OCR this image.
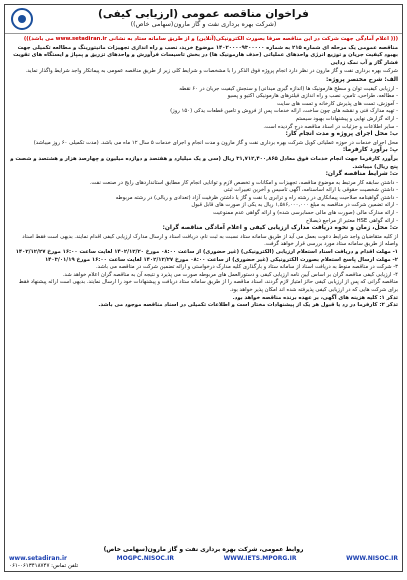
فراخوان مناقصه عمومی (ارزیابی کیفی)
(شرکت بهره برداری نفت و گاز مارون(سهامی خاص))

((( اعلام آمادگی جهت شرکت در این مناقصه صرفا بصورت الکترونیکی(آنلاین) و از طریق سامانه ستاد به نشانی www.setadiran.ir می باشد)))

مناقصه عمومی یک مرحله ای شماره ۲۱۵ به شماره ۱۴۰۲۰۰۰۰۹۳۰۰۰۰۰ موضوع خرید، نصب و راه اندازی تجهیزات مانیتورینگ و مطالعه تکمیلی جهت بهبود کیفیت جریان و توزیع انرژی واحدهای عملیاتی (حذف هارمونیک ها) در بخش تاسیسات فرآورش و واحدهای تزریق و پمپاژ و ایستگاه های تقویت فشار گاز و آب نمک زدایی

شرکت بهره برداری نفت و گاز مارون در نظر دارد انجام پروژه فوق الذکر را با مشخصات و شرایط کلی زیر از طریق مناقصه عمومی به پیمانکار واجد شرایط واگذار نماید.

الف: شرح مختصر پروژه:

- ارزیابی کیفیت توان و سطح هارمونیک ها (اندازه گیری میدانی) و سنجش کیفیت جریان در ۶۰ نقطه

- مطالعه، طراحی، تامین، نصب و راه اندازی فیلترهای هارمونیکی اکتیو و پسیو

- آموزش، تست های پذیرش کارخانه و تست های سایت

- تهیه مدارک فنی و نقشه های چون ساخت، ارائه خدمات پس از فروش و تامین قطعات یدکی (۱۵۰ روز)

- ارائه گزارش نهایی و پیشنهادات بهبود سیستم

- سایر اطلاعات و جزئیات در اسناد مناقصه درج گردیده است.

ب: محل اجرای پروژه و مدت انجام کار:

محل اجرای خدمات در حوزه عملیاتی کویل شرکت بهره برداری نفت و گاز مارون و مدت انجام و اجرای خدمات ۵ سال ۱۲ ماه می باشد. (مدت تکمیلی ۶۰ روز میباشد)

پ: برآورد کارفرما:

برآورد کارفرما جهت انجام خدمات فوق معادل ۳۱,۷۱۲,۴۰۰,۸۶۵ ریال (سی و یک میلیارد و هفتصد و دوازده میلیون و چهارصد هزار و هشتصد و شصت و پنج ریال) میباشد.

ت: شرایط مناقصه گران:

- داشتن سابقه کار مرتبط به موضوع مناقصه، تجهیزات و امکانات و تخصص لازم و توانایی انجام کار مطابق استانداردهای رایج در صنعت نفت.

- داشتن شخصیت حقوقی با ارائه اساسنامه، آگهی تاسیس و آخرین تغییرات ثبتی

- داشتن گواهینامه صلاحیت پیمانکاری در رشته راه و ترابری یا نفت و گاز یا داشتن ظرفیت آزاد (تعدادی و ریالی) در رشته مربوطه

- ارائه تضمین شرکت در مناقصه به مبلغ ۱,۵۸۶,۰۰۰,۰۰۰ ریال به یکی از صورت های قابل قبول

- ارائه مدارک مالی (صورت های مالی حسابرسی شده) و ارائه گواهی عدم ممنوعیت

- ارائه گواهی HSE معتبر از مراجع ذیصلاح

ث: محل، زمان و نحوه دریافت مدارک ارزیابی کیفی و اعلام آمادگی مناقصه گران:

از کلیه متقاضیان واجد شرایط دعوت بعمل می آید از طریق سامانه ستاد نسبت به ثبت نام، دریافت اسناد و ارسال مدارک ارزیابی کیفی اقدام نمایند. بدیهی است فقط اسناد واصله از طریق سامانه ستاد مورد بررسی قرار خواهد گرفت.

۱- مهلت اقدام و دریافت اسناد استعلام ارزیابی (الکترونیکی) (غیر حضوری) از ساعت ۰۸:۰۰ مورخ ۱۴۰۲/۱۲/۲۰ لغایت ساعت ۱۶:۰۰ مورخ ۱۴۰۲/۱۲/۲۷

۲- مهلت ارسال پاسخ استعلام بصورت الکترونیکی (غیر حضوری) از ساعت ۰۸:۰۰ مورخ ۱۴۰۲/۱۲/۲۷ لغایت ساعت ۱۶:۰۰ مورخ ۱۴۰۳/۰۱/۱۹

۳- شرکت در مناقصه منوط به دریافت اسناد از سامانه ستاد و بارگذاری کلیه مدارک درخواستی و ارائه تضمین شرکت در مناقصه می باشد.

۴- ارزیابی کیفی مناقصه گران بر اساس آیین نامه ارزیابی کیفی و دستورالعمل های مربوطه صورت می پذیرد و نتیجه آن به مناقصه گران اعلام خواهد شد.

مناقصه گرانی که پس از ارزیابی کیفی حائز امتیاز لازم گردند، اسناد مناقصه را از طریق سامانه ستاد دریافت و پیشنهادات خود را ارسال نمایند. بدیهی است ارائه پیشنهاد فقط برای شرکت هایی که در ارزیابی کیفی پذیرفته شده اند امکان پذیر خواهد بود.

تذکر ۱: کلیه هزینه های آگهی، بر عهده برنده مناقصه خواهد بود.

تذکر ۲: کارفرما در رد یا قبول هر یک از پیشنهادات مختار است و اطلاعات تکمیلی در اسناد مناقصه موجود می باشد.

روابط عمومی، شرکت بهره برداری نفت و گاز مارون(سهامی خاص)
www.setadiran.ir	MOGPC.NISOC.IR	WWW.IETS.MPORG.IR	WWW.NISOC.IR
تلفن تماس: ۰۶۱۳۴۱۸۷۴۷-۰۶۱
